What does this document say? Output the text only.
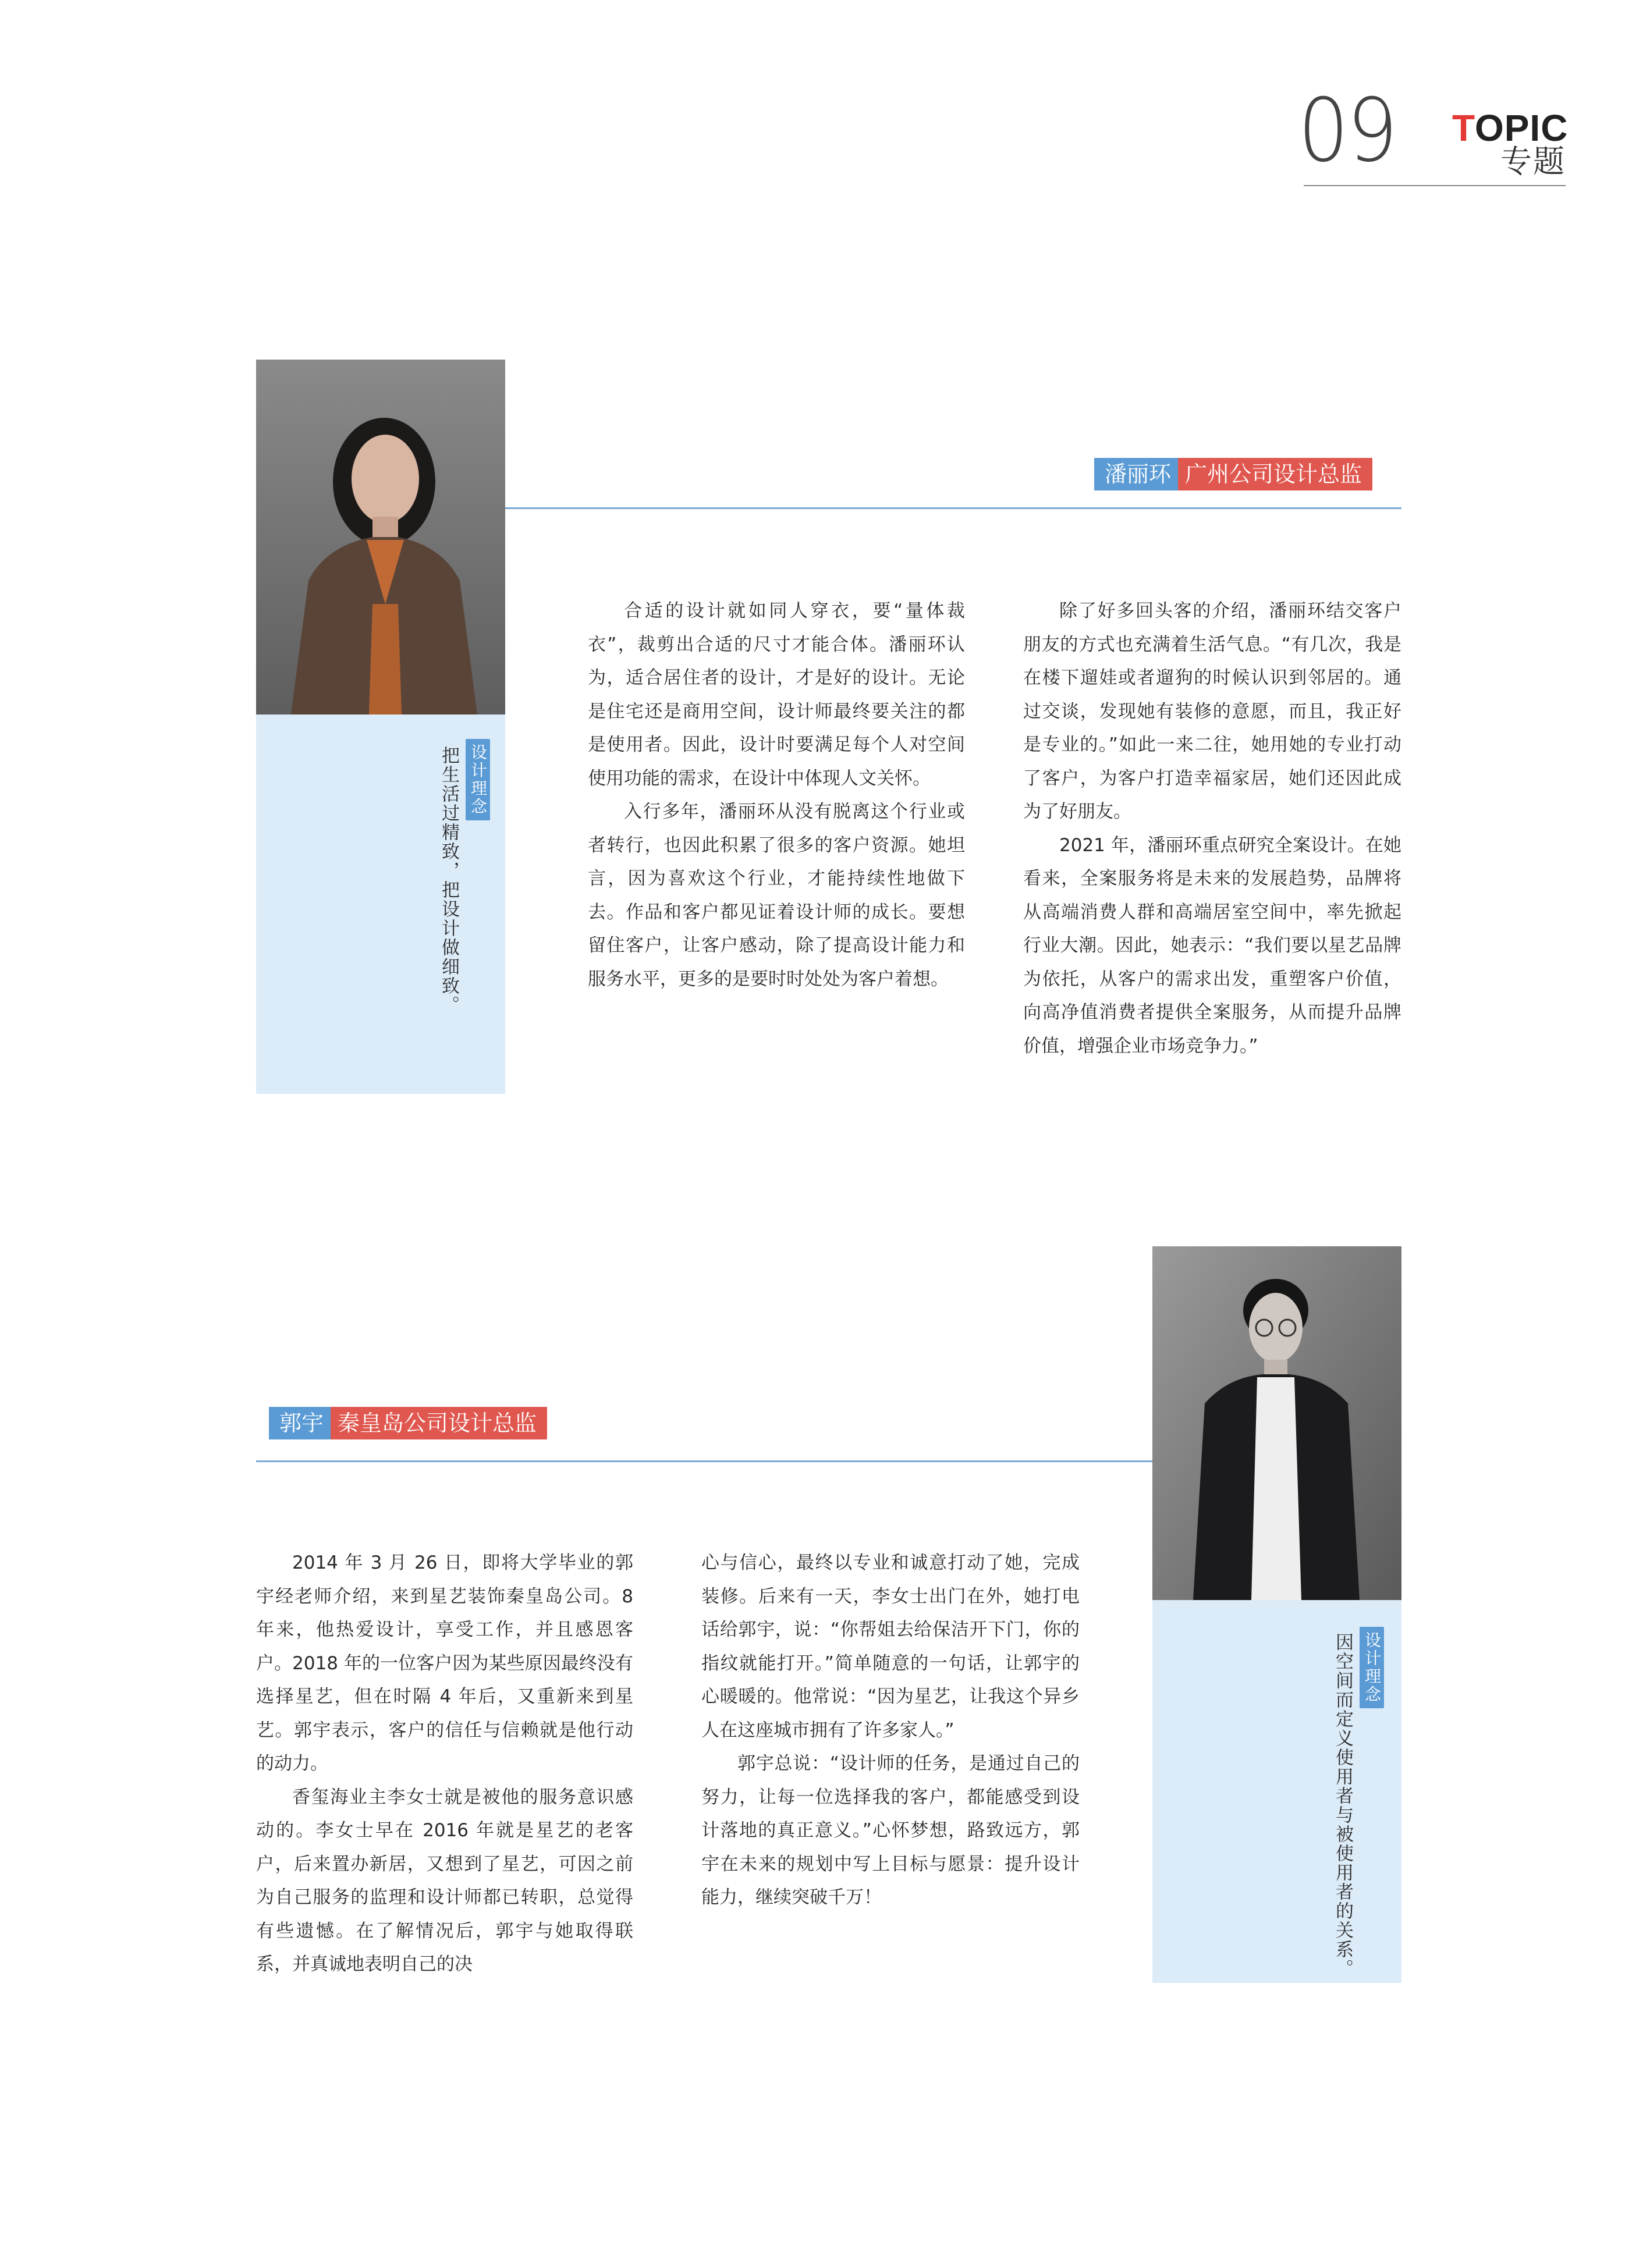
09 TOPIC
专题
设计理念
把生活过精致，把设计做细致。
潘丽环 广州公司设计总监

合适的设计就如同人穿衣，要“量体裁衣”，裁剪出合适的尺寸才能合体。潘丽环认为，适合居住者的设计，才是好的设计。无论是住宅还是商用空间，设计师最终要关注的都是使用者。因此，设计时要满足每个人对空间使用功能的需求，在设计中体现人文关怀。

入行多年，潘丽环从没有脱离这个行业或者转行，也因此积累了很多的客户资源。她坦言，因为喜欢这个行业，才能持续性地做下去。作品和客户都见证着设计师的成长。要想留住客户，让客户感动，除了提高设计能力和服务水平，更多的是要时时处处为客户着想。

除了好多回头客的介绍，潘丽环结交客户朋友的方式也充满着生活气息。“有几次，我是在楼下遛娃或者遛狗的时候认识到邻居的。通过交谈，发现她有装修的意愿，而且，我正好是专业的。”如此一来二往，她用她的专业打动了客户，为客户打造幸福家居，她们还因此成为了好朋友。

2021 年，潘丽环重点研究全案设计。在她看来，全案服务将是未来的发展趋势，品牌将从高端消费人群和高端居室空间中，率先掀起行业大潮。因此，她表示：“我们要以星艺品牌为依托，从客户的需求出发，重塑客户价值，向高净值消费者提供全案服务，从而提升品牌价值，增强企业市场竞争力。”

郭宇 秦皇岛公司设计总监
设计理念
因空间而定义使用者与被使用者的关系。

2014 年 3 月 26 日，即将大学毕业的郭宇经老师介绍，来到星艺装饰秦皇岛公司。8 年来，他热爱设计，享受工作，并且感恩客户。2018 年的一位客户因为某些原因最终没有选择星艺，但在时隔 4 年后，又重新来到星艺。郭宇表示，客户的信任与信赖就是他行动的动力。

香玺海业主李女士就是被他的服务意识感动的。李女士早在 2016 年就是星艺的老客户，后来置办新居，又想到了星艺，可因之前为自己服务的监理和设计师都已转职，总觉得有些遗憾。在了解情况后，郭宇与她取得联系，并真诚地表明自己的决

心与信心，最终以专业和诚意打动了她，完成装修。后来有一天，李女士出门在外，她打电话给郭宇，说：“你帮姐去给保洁开下门，你的指纹就能打开。”简单随意的一句话，让郭宇的心暖暖的。他常说：“因为星艺，让我这个异乡人在这座城市拥有了许多家人。”

郭宇总说：“设计师的任务，是通过自己的努力，让每一位选择我的客户，都能感受到设计落地的真正意义。”心怀梦想，路致远方，郭宇在未来的规划中写上目标与愿景：提升设计能力，继续突破千万！
